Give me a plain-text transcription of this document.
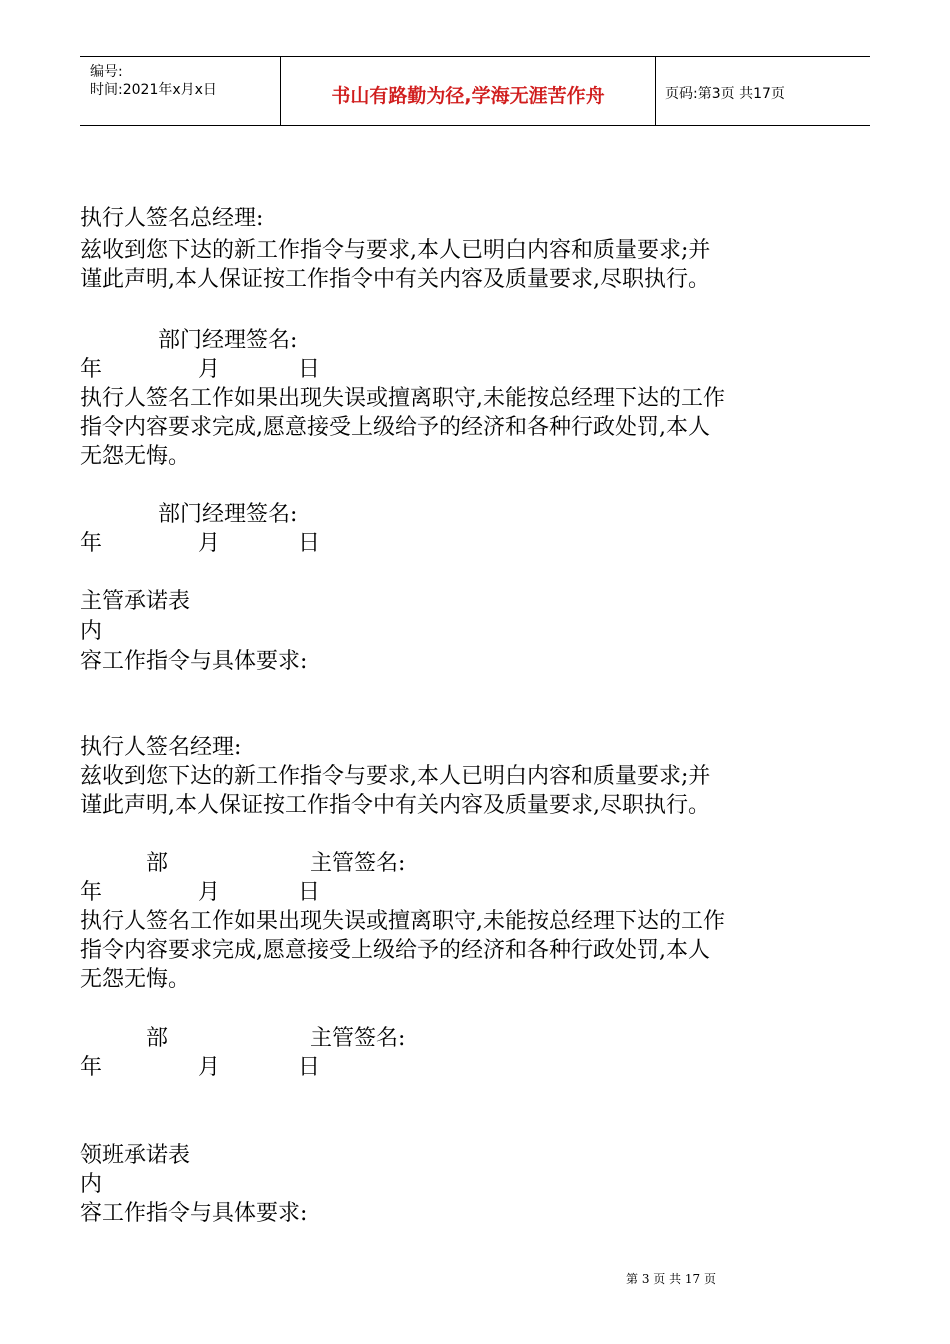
编号:
时间:2021年x月x日	书山有路勤为径,学海无涯苦作舟	页码:第3页 共17页
执行人签名总经理:
兹收到您下达的新工作指令与要求,本人已明白内容和质量要求;并
谨此声明,本人保证按工作指令中有关内容及质量要求,尽职执行。
部门经理签名:
年	月	日
执行人签名工作如果出现失误或擅离职守,未能按总经理下达的工作
指令内容要求完成,愿意接受上级给予的经济和各种行政处罚,本人
无怨无悔。
部门经理签名:
年	月	日
主管承诺表
内
容工作指令与具体要求:
执行人签名经理:
兹收到您下达的新工作指令与要求,本人已明白内容和质量要求;并
谨此声明,本人保证按工作指令中有关内容及质量要求,尽职执行。
部	主管签名:
年	月	日
执行人签名工作如果出现失误或擅离职守,未能按总经理下达的工作
指令内容要求完成,愿意接受上级给予的经济和各种行政处罚,本人
无怨无悔。
部	主管签名:
年	月	日
领班承诺表
内
容工作指令与具体要求:
第 3 页 共 17 页
